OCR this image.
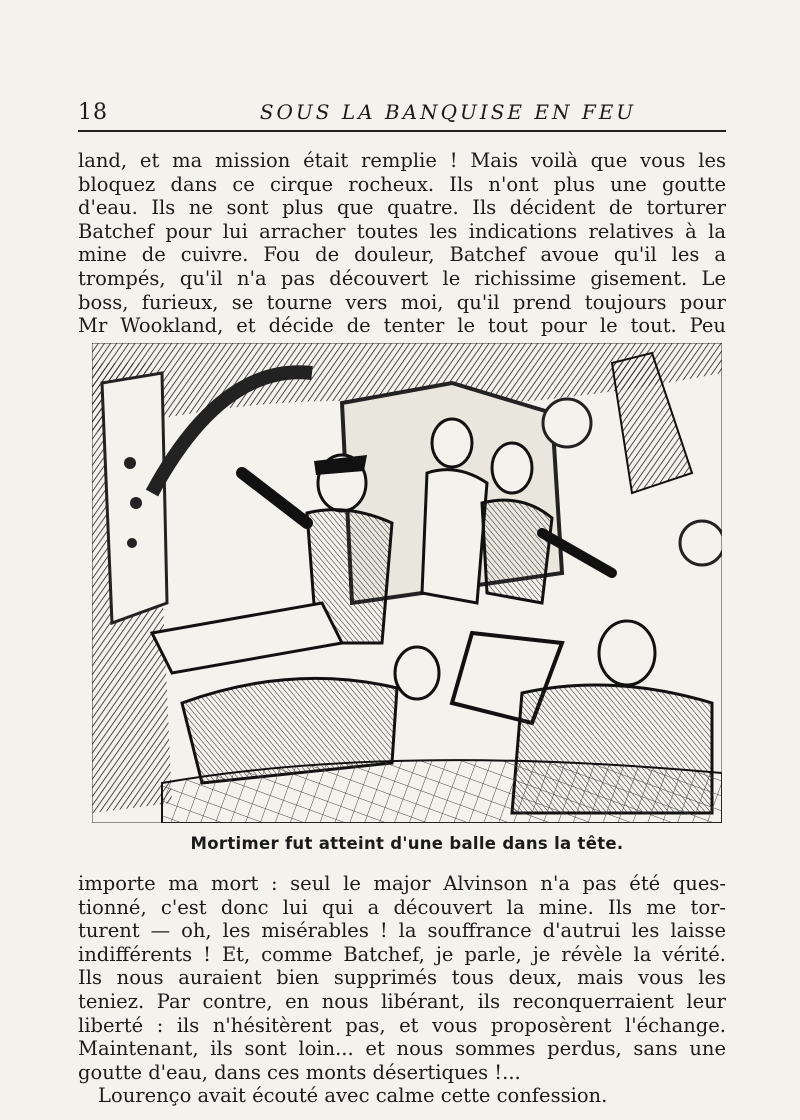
18	SOUS LA BANQUISE EN FEU
land, et ma mission était remplie ! Mais voilà que vous les
bloquez dans ce cirque rocheux. Ils n'ont plus une goutte
d'eau. Ils ne sont plus que quatre. Ils décident de torturer
Batchef pour lui arracher toutes les indications relatives à la
mine de cuivre. Fou de douleur, Batchef avoue qu'il les a
trompés, qu'il n'a pas découvert le richissime gisement. Le
boss, furieux, se tourne vers moi, qu'il prend toujours pour
Mr Wookland, et décide de tenter le tout pour le tout. Peu
Mortimer fut atteint d'une balle dans la tête.
importe ma mort : seul le major Alvinson n'a pas été ques-
tionné, c'est donc lui qui a découvert la mine. Ils me tor-
turent — oh, les misérables ! la souffrance d'autrui les laisse
indifférents ! Et, comme Batchef, je parle, je révèle la vérité.
Ils nous auraient bien supprimés tous deux, mais vous les
teniez. Par contre, en nous libérant, ils reconquerraient leur
liberté : ils n'hésitèrent pas, et vous proposèrent l'échange.
Maintenant, ils sont loin... et nous sommes perdus, sans une
goutte d'eau, dans ces monts désertiques !...
Lourenço avait écouté avec calme cette confession.
